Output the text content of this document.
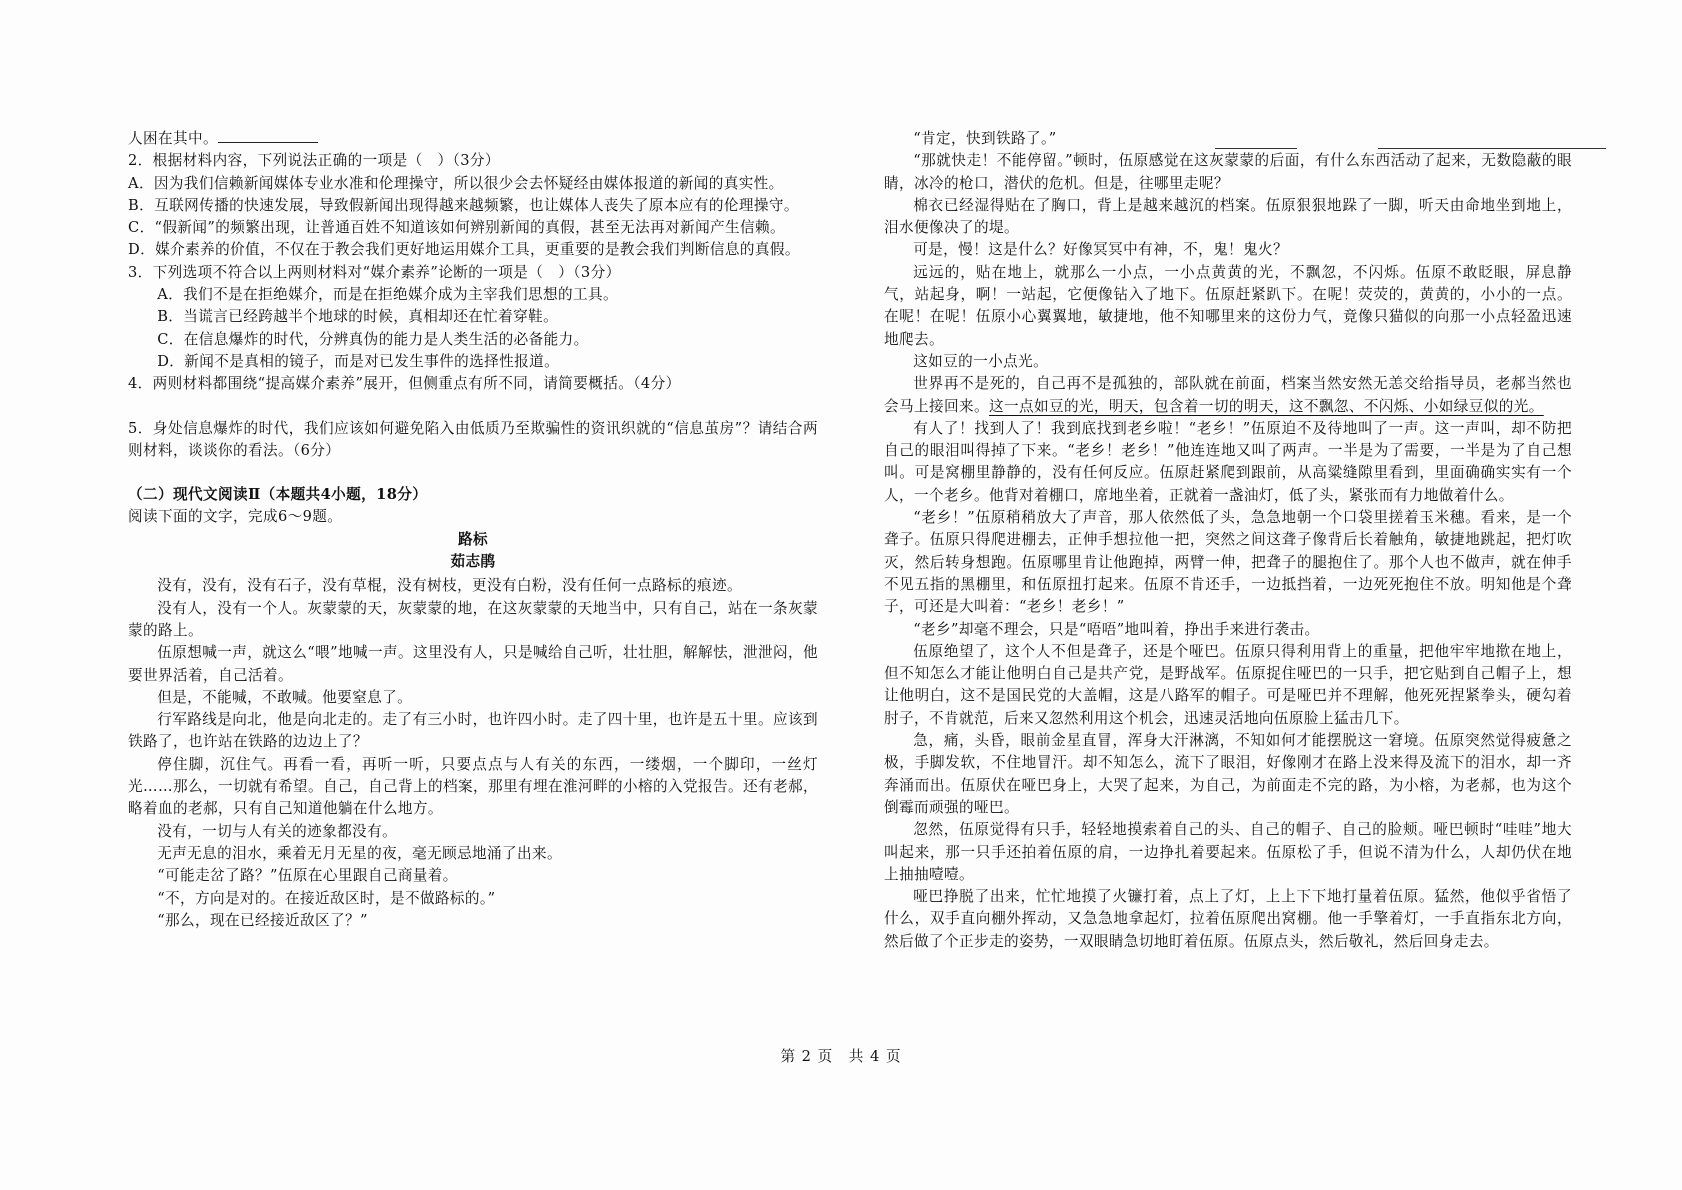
人困在其中。

2．根据材料内容，下列说法正确的一项是（　）（3分）

A．因为我们信赖新闻媒体专业水准和伦理操守，所以很少会去怀疑经由媒体报道的新闻的真实性。

B．互联网传播的快速发展，导致假新闻出现得越来越频繁，也让媒体人丧失了原本应有的伦理操守。

C．“假新闻”的频繁出现，让普通百姓不知道该如何辨别新闻的真假，甚至无法再对新闻产生信赖。

D．媒介素养的价值，不仅在于教会我们更好地运用媒介工具，更重要的是教会我们判断信息的真假。

3．下列选项不符合以上两则材料对“媒介素养”论断的一项是（　）（3分）

A．我们不是在拒绝媒介，而是在拒绝媒介成为主宰我们思想的工具。

B．当谎言已经跨越半个地球的时候，真相却还在忙着穿鞋。

C．在信息爆炸的时代，分辨真伪的能力是人类生活的必备能力。

D．新闻不是真相的镜子，而是对已发生事件的选择性报道。

4．两则材料都围绕“提高媒介素养”展开，但侧重点有所不同，请简要概括。（4分）

5．身处信息爆炸的时代，我们应该如何避免陷入由低质乃至欺骗性的资讯织就的“信息茧房”？请结合两则材料，谈谈你的看法。（6分）

（二）现代文阅读Ⅱ（本题共4小题，18分）

阅读下面的文字，完成6～9题。

路标

茹志鹃

没有，没有，没有石子，没有草棍，没有树枝，更没有白粉，没有任何一点路标的痕迹。

没有人，没有一个人。灰蒙蒙的天，灰蒙蒙的地，在这灰蒙蒙的天地当中，只有自己，站在一条灰蒙蒙的路上。

伍原想喊一声，就这么“喂”地喊一声。这里没有人，只是喊给自己听，壮壮胆，解解怯，泄泄闷，他要世界活着，自己活着。

但是，不能喊，不敢喊。他要窒息了。

行军路线是向北，他是向北走的。走了有三小时，也许四小时。走了四十里，也许是五十里。应该到铁路了，也许站在铁路的边边上了？

停住脚，沉住气。再看一看，再听一听，只要点点与人有关的东西，一缕烟，一个脚印，一丝灯光……那么，一切就有希望。自己，自己背上的档案，那里有埋在淮河畔的小榕的入党报告。还有老郝，略着血的老郝，只有自己知道他躺在什么地方。

没有，一切与人有关的迹象都没有。

无声无息的泪水，乘着无月无星的夜，毫无顾忌地涌了出来。

“可能走岔了路？”伍原在心里跟自己商量着。

“不，方向是对的。在接近敌区时，是不做路标的。”

“那么，现在已经接近敌区了？”

“肯定，快到铁路了。”

“那就快走！不能停留。”顿时，伍原感觉在这灰蒙蒙的后面，有什么东西活动了起来，无数隐蔽的眼睛，冰冷的枪口，潜伏的危机。但是，往哪里走呢？

棉衣已经湿得贴在了胸口，背上是越来越沉的档案。伍原狠狠地跺了一脚，听天由命地坐到地上，泪水便像决了的堤。

可是，慢！这是什么？好像冥冥中有神，不，鬼！鬼火？

远远的，贴在地上，就那么一小点，一小点黄黄的光，不飘忽，不闪烁。伍原不敢眨眼，屏息静气，站起身，啊！一站起，它便像钻入了地下。伍原赶紧趴下。在呢！荧荧的，黄黄的，小小的一点。在呢！在呢！伍原小心翼翼地，敏捷地，他不知哪里来的这份力气，竟像只猫似的向那一小点轻盈迅速地爬去。

这如豆的一小点光。

世界再不是死的，自己再不是孤独的，部队就在前面，档案当然安然无恙交给指导员，老郝当然也会马上接回来。这一点如豆的光，明天，包含着一切的明天，这不飘忽、不闪烁、小如绿豆似的光。

有人了！找到人了！我到底找到老乡啦！“老乡！”伍原迫不及待地叫了一声。这一声叫，却不防把自己的眼泪叫得掉了下来。“老乡！老乡！”他连连地又叫了两声。一半是为了需要，一半是为了自己想叫。可是窝棚里静静的，没有任何反应。伍原赶紧爬到跟前，从高粱缝隙里看到，里面确确实实有一个人，一个老乡。他背对着棚口，席地坐着，正就着一盏油灯，低了头，紧张而有力地做着什么。

“老乡！”伍原稍稍放大了声音，那人依然低了头，急急地朝一个口袋里搓着玉米穗。看来，是一个聋子。伍原只得爬进棚去，正伸手想拉他一把，突然之间这聋子像背后长着触角，敏捷地跳起，把灯吹灭，然后转身想跑。伍原哪里肯让他跑掉，两臂一伸，把聋子的腿抱住了。那个人也不做声，就在伸手不见五指的黑棚里，和伍原扭打起来。伍原不肯还手，一边抵挡着，一边死死抱住不放。明知他是个聋子，可还是大叫着：“老乡！老乡！”

“老乡”却毫不理会，只是“唔唔”地叫着，挣出手来进行袭击。

伍原绝望了，这个人不但是聋子，还是个哑巴。伍原只得利用背上的重量，把他牢牢地揿在地上，但不知怎么才能让他明白自己是共产党，是野战军。伍原捉住哑巴的一只手，把它贴到自己帽子上，想让他明白，这不是国民党的大盖帽，这是八路军的帽子。可是哑巴并不理解，他死死捏紧拳头，硬勾着肘子，不肯就范，后来又忽然利用这个机会，迅速灵活地向伍原脸上猛击几下。

急，痛，头昏，眼前金星直冒，浑身大汗淋漓，不知如何才能摆脱这一窘境。伍原突然觉得疲惫之极，手脚发软，不住地冒汗。却不知怎么，流下了眼泪，好像刚才在路上没来得及流下的泪水，却一齐奔涌而出。伍原伏在哑巴身上，大哭了起来，为自己，为前面走不完的路，为小榕，为老郝，也为这个倒霉而顽强的哑巴。

忽然，伍原觉得有只手，轻轻地摸索着自己的头、自己的帽子、自己的脸颊。哑巴顿时“哇哇”地大叫起来，那一只手还拍着伍原的肩，一边挣扎着要起来。伍原松了手，但说不清为什么，人却仍伏在地上抽抽噎噎。

哑巴挣脱了出来，忙忙地摸了火镰打着，点上了灯，上上下下地打量着伍原。猛然，他似乎省悟了什么，双手直向棚外挥动，又急急地拿起灯，拉着伍原爬出窝棚。他一手擎着灯，一手直指东北方向，然后做了个正步走的姿势，一双眼睛急切地盯着伍原。伍原点头，然后敬礼，然后回身走去。

第 2 页　共 4 页
